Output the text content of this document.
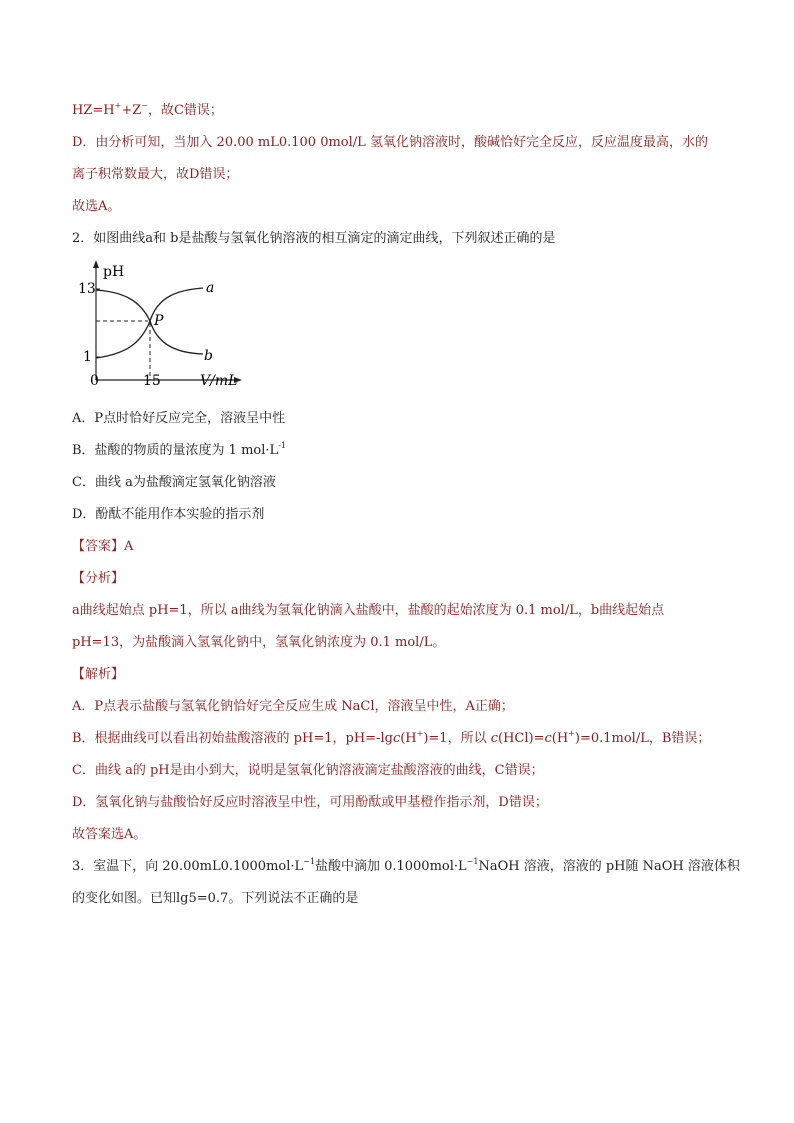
HZ=H++Z−，故C错误；
D．由分析可知，当加入 20.00 mL0.100 0mol/L 氢氧化钠溶液时，酸碱恰好完全反应，反应温度最高，水的
离子积常数最大，故D错误；
故选A。
2．如图曲线a和 b是盐酸与氢氧化钠溶液的相互滴定的滴定曲线，下列叙述正确的是
pH
13
1
0	15	V/mL
a
b
P
A．P点时恰好反应完全，溶液呈中性
B．盐酸的物质的量浓度为 1 $mol\cdot L^{-1}$
C．曲线 a为盐酸滴定氢氧化钠溶液
D．酚酞不能用作本实验的指示剂
【答案】A
【分析】
a曲线起始点 pH=1，所以 a曲线为氢氧化钠滴入盐酸中，盐酸的起始浓度为 0.1 mol/L，b曲线起始点
pH=13，为盐酸滴入氢氧化钠中，氢氧化钠浓度为 0.1 mol/L。
【解析】
A．P点表示盐酸与氢氧化钠恰好完全反应生成 NaCl，溶液呈中性，A正确；
B．根据曲线可以看出初始盐酸溶液的 pH=1，pH=-lgc(H+)=1，所以 c(HCl)=c(H+)=0.1mol/L，B错误；
C．曲线 a的 pH是由小到大，说明是氢氧化钠溶液滴定盐酸溶液的曲线，C错误；
D．氢氧化钠与盐酸恰好反应时溶液呈中性，可用酚酞或甲基橙作指示剂，D错误；
故答案选A。
3．室温下，向 $20.00mL0.1000mol\cdot L^{-1}$盐酸中滴加 $0.1000mol\cdot L^{-1}NaOH$ 溶液，溶液的 pH随 NaOH 溶液体积
的变化如图。已知lg5=0.7。下列说法不正确的是
